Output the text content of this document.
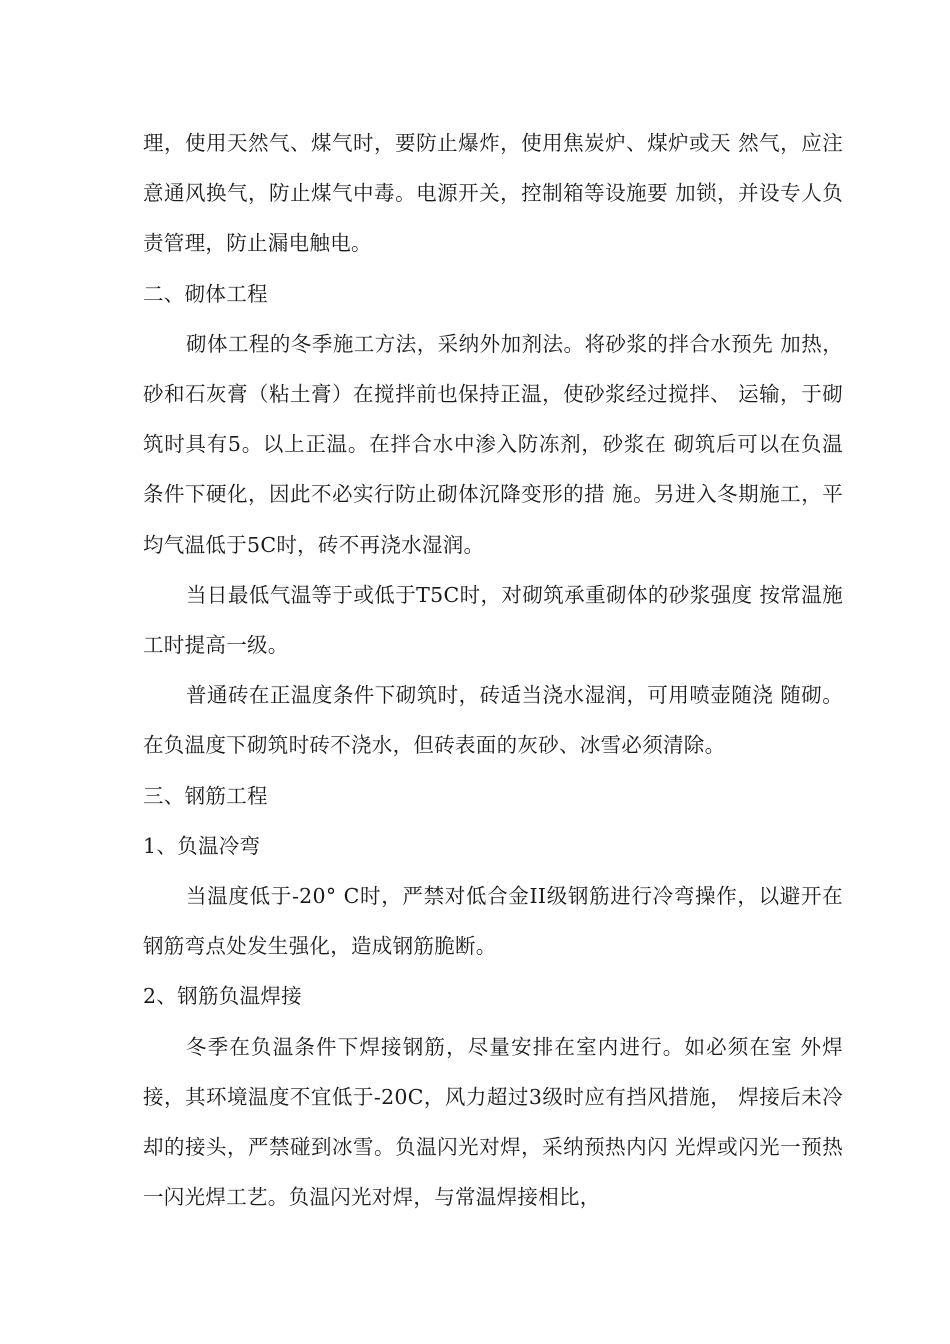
理，使用天然气、煤气时，要防止爆炸，使用焦炭炉、煤炉或天 然气，应注意通风换气，防止煤气中毒。电源开关，控制箱等设施要 加锁，并设专人负责管理，防止漏电触电。

二、砌体工程

砌体工程的冬季施工方法，采纳外加剂法。将砂浆的拌合水预先 加热，砂和石灰膏（粘土膏）在搅拌前也保持正温，使砂浆经过搅拌、 运输，于砌筑时具有5。以上正温。在拌合水中渗入防冻剂，砂浆在 砌筑后可以在负温条件下硬化，因此不必实行防止砌体沉降变形的措 施。另进入冬期施工，平均气温低于5C时，砖不再浇水湿润。

当日最低气温等于或低于T5C时，对砌筑承重砌体的砂浆强度 按常温施工时提高一级。

普通砖在正温度条件下砌筑时，砖适当浇水湿润，可用喷壶随浇 随砌。在负温度下砌筑时砖不浇水，但砖表面的灰砂、冰雪必须清除。

三、钢筋工程

1、负温冷弯

当温度低于-20° C时，严禁对低合金II级钢筋进行冷弯操作，以避开在钢筋弯点处发生强化，造成钢筋脆断。

2、钢筋负温焊接

冬季在负温条件下焊接钢筋，尽量安排在室内进行。如必须在室 外焊接，其环境温度不宜低于-20C，风力超过3级时应有挡风措施， 焊接后未冷却的接头，严禁碰到冰雪。负温闪光对焊，采纳预热内闪 光焊或闪光一预热一闪光焊工艺。负温闪光对焊，与常温焊接相比，
